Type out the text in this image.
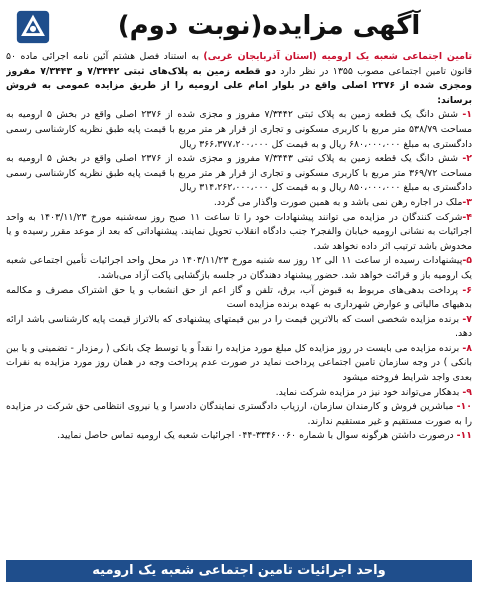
آگهی مزایده(نوبت دوم)

تامین اجتماعی شعبه یک ارومیه (استان آذربایجان غربی) به استناد فصل هشتم آئین نامه اجرائی ماده ۵۰ قانون تامین اجتماعی مصوب ۱۳۵۵ در نظر دارد دو قطعه زمین به پلاک‌های ثبتی ۷/۳۴۴۲ و ۷/۳۴۴۳ مفروز ومجزی شده از ۲۳۷۶ اصلی واقع در بلوار امام علی ارومیه را از طریق مزایده عمومی به فروش برساند:

۱- شش دانگ یک قطعه زمین به پلاک ثبتی ۷/۳۴۴۲ مفروز و مجزی شده از ۲۳۷۶ اصلی واقع در بخش ۵ ارومیه به مساحت ۵۳۸/۷۹ متر مربع با کاربری مسکونی و تجاری از قرار هر متر مربع با قیمت پایه طبق نظریه کارشناسی رسمی دادگستری به مبلغ ۶۸۰،۰۰۰،۰۰۰ ریال و به قیمت کل ۳۶۶،۳۷۷،۲۰۰،۰۰۰ ریال

۲- شش دانگ یک قطعه زمین به پلاک ثبتی ۷/۳۴۴۳ مفروز و مجزی شده از ۲۳۷۶ اصلی واقع در بخش ۵ ارومیه به مساحت ۳۶۹/۷۲ متر مربع با کاربری مسکونی و تجاری از قرار هر متر مربع با قیمت پایه طبق نظریه کارشناسی رسمی دادگستری به مبلغ ۸۵۰،۰۰۰،۰۰۰ ریال و به قیمت کل ۳۱۴،۲۶۲،۰۰۰،۰۰۰ ریال

۳-ملک در اجاره رهن نمی باشد و به همین صورت واگذار می گردد.

۴-شرکت کنندگان در مزایده می توانند پیشنهادات خود را تا ساعت ۱۱ صبح روز سه‌شنبه مورخ ۱۴۰۳/۱۱/۲۳ به واحد اجرائیات به نشانی ارومیه خیابان والفجر۲ جنب دادگاه انقلاب تحویل نمایند. پیشنهاداتی که بعد از موعد مقرر رسیده و یا مخدوش باشد ترتیب اثر داده نخواهد شد.

۵-پیشنهادات رسیده از ساعت ۱۱ الی ۱۲ روز سه شنبه مورخ ۱۴۰۳/۱۱/۲۳ در محل واحد اجرائیات تأمین اجتماعی شعبه یک ارومیه باز و قرائت خواهد شد. حضور پیشنهاد دهندگان در جلسه بازگشایی پاکت آزاد می‌باشد.

۶- پرداخت بدهی‌های مربوط به قبوض آب، برق، تلفن و گاز اعم از حق انشعاب و یا حق اشتراک مصرف و مکالمه بدهیهای مالیاتی و عوارض شهرداری به عهده برنده مزایده است

۷- برنده مزایده شخصی است که بالاترین قیمت را در بین قیمتهای پیشنهادی که بالاتراز قیمت پایه کارشناسی باشد ارائه دهد.

۸- برنده مزایده می بایست در روز مزایده کل مبلغ مورد مزایده را نقداً و یا توسط چک بانکی ( رمزدار - تضمینی و یا بین بانکی ) در وجه سازمان تامین اجتماعی پرداخت نماید در صورت عدم پرداخت وجه در همان روز مورد مزایده به نفرات بعدی واجد شرایط فروخته میشود

۹- بدهکار می‌تواند خود نیز در مزایده شرکت نماید.

۱۰- مباشرین فروش و کارمندان سازمان، ارزیاب دادگستری نمایندگان دادسرا و یا نیروی انتظامی حق شرکت در مزایده را به صورت مستقیم و غیر مستقیم ندارند.

۱۱- درصورت داشتن هرگونه سوال با شماره ۳۳۴۶۰۰۶۰-۰۴۴ اجرائیات شعبه یک ارومیه تماس حاصل نمایید.

واحد اجرائیات تامین اجتماعی شعبه یک ارومیه
